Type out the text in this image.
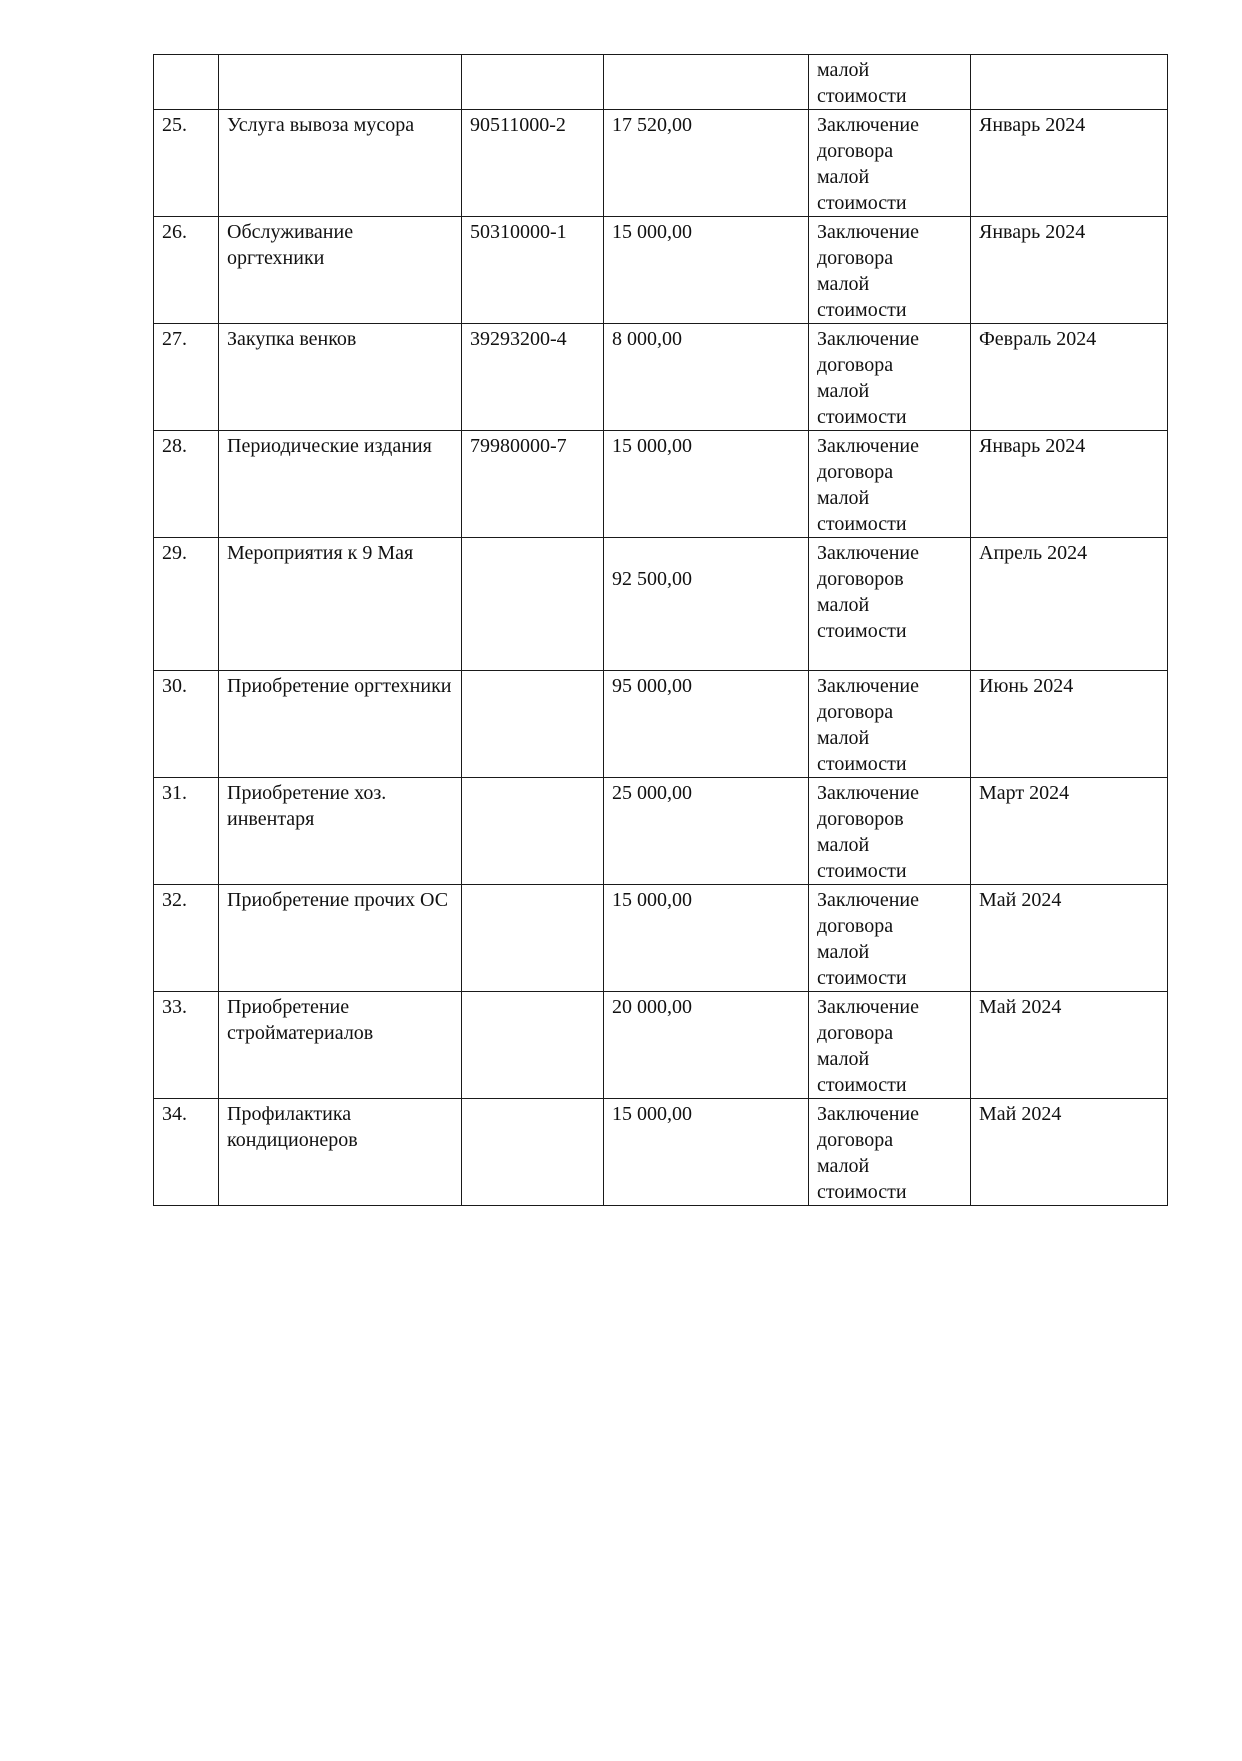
				малой
стоимости	

25.	Услуга вывоза мусора	90511000-2	17 520,00	Заключение
договора
малой
стоимости	Январь 2024
26.	Обслуживание оргтехники	50310000-1	15 000,00	Заключение
договора
малой
стоимости	Январь 2024
27.	Закупка венков	39293200-4	8 000,00	Заключение
договора
малой
стоимости	Февраль 2024
28.	Периодические издания	79980000-7	15 000,00	Заключение
договора
малой
стоимости	Январь 2024
29.	Мероприятия к 9 Мая		92 500,00	Заключение
договоров
малой
стоимости	Апрель 2024
30.	Приобретение оргтехники		95 000,00	Заключение
договора
малой
стоимости	Июнь 2024
31.	Приобретение хоз. инвентаря		25 000,00	Заключение
договоров
малой
стоимости	Март 2024
32.	Приобретение прочих ОС		15 000,00	Заключение
договора
малой
стоимости	Май 2024
33.	Приобретение стройматериалов		20 000,00	Заключение
договора
малой
стоимости	Май 2024
34.	Профилактика кондиционеров		15 000,00	Заключение
договора
малой
стоимости	Май 2024
